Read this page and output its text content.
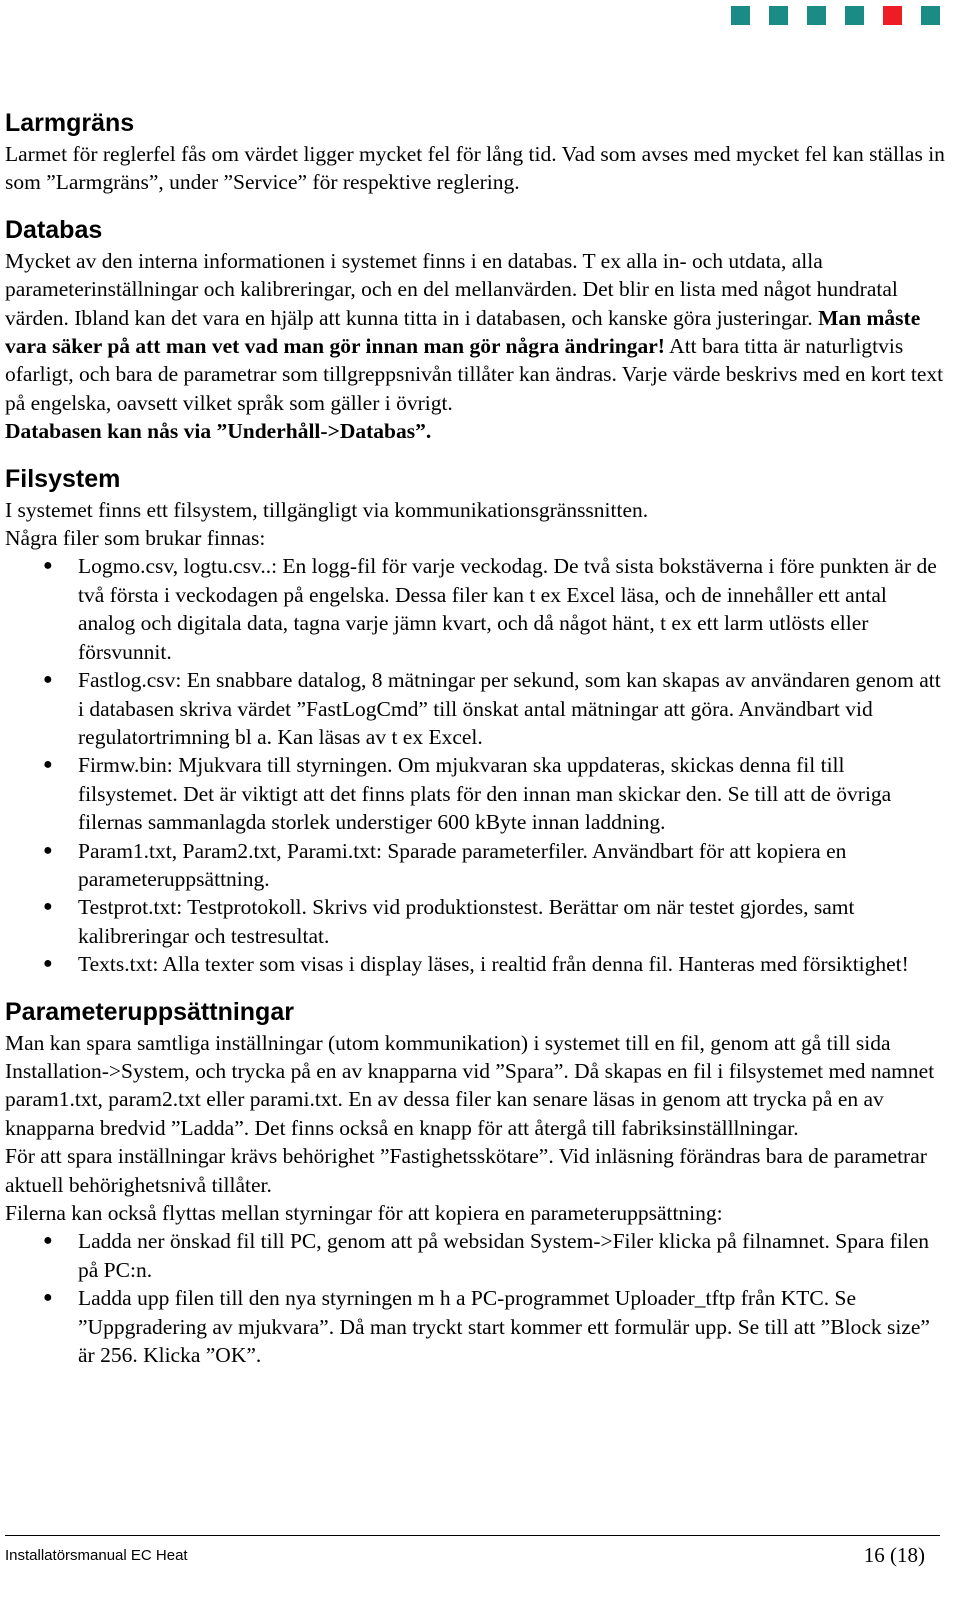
Larmgräns

Larmet för reglerfel fås om värdet ligger mycket fel för lång tid. Vad som avses med mycket fel kan ställas in som ”Larmgräns”, under ”Service” för respektive reglering.

Databas

Mycket av den interna informationen i systemet finns i en databas. T ex alla in- och utdata, alla parameterinställningar och kalibreringar, och en del mellanvärden. Det blir en lista med något hundratal värden. Ibland kan det vara en hjälp att kunna titta in i databasen, och kanske göra justeringar. Man måste vara säker på att man vet vad man gör innan man gör några ändringar! Att bara titta är naturligtvis ofarligt, och bara de parametrar som tillgreppsnivån tillåter kan ändras. Varje värde beskrivs med en kort text på engelska, oavsett vilket språk som gäller i övrigt.

Databasen kan nås via ”Underhåll->Databas”.

Filsystem

I systemet finns ett filsystem, tillgängligt via kommunikationsgränssnitten.

Några filer som brukar finnas:

● Logmo.csv, logtu.csv..: En logg-fil för varje veckodag. De två sista bokstäverna i före punkten är de två första i veckodagen på engelska. Dessa filer kan t ex Excel läsa, och de innehåller ett antal analog och digitala data, tagna varje jämn kvart, och då något hänt, t ex ett larm utlösts eller försvunnit.
● Fastlog.csv: En snabbare datalog, 8 mätningar per sekund, som kan skapas av användaren genom att i databasen skriva värdet ”FastLogCmd” till önskat antal mätningar att göra. Användbart vid regulatortrimning bl a. Kan läsas av t ex Excel.
● Firmw.bin: Mjukvara till styrningen. Om mjukvaran ska uppdateras, skickas denna fil till filsystemet. Det är viktigt att det finns plats för den innan man skickar den. Se till att de övriga filernas sammanlagda storlek understiger 600 kByte innan laddning.
● Param1.txt, Param2.txt, Parami.txt: Sparade parameterfiler. Användbart för att kopiera en parameteruppsättning.
● Testprot.txt: Testprotokoll. Skrivs vid produktionstest. Berättar om när testet gjordes, samt kalibreringar och testresultat.
● Texts.txt: Alla texter som visas i display läses, i realtid från denna fil. Hanteras med försiktighet!
Parameteruppsättningar

Man kan spara samtliga inställningar (utom kommunikation) i systemet till en fil, genom att gå till sida Installation->System, och trycka på en av knapparna vid ”Spara”. Då skapas en fil i filsystemet med namnet param1.txt, param2.txt eller parami.txt. En av dessa filer kan senare läsas in genom att trycka på en av knapparna bredvid ”Ladda”. Det finns också en knapp för att återgå till fabriksinställlningar.

För att spara inställningar krävs behörighet ”Fastighetsskötare”. Vid inläsning förändras bara de parametrar aktuell behörighetsnivå tillåter.

Filerna kan också flyttas mellan styrningar för att kopiera en parameteruppsättning:

● Ladda ner önskad fil till PC, genom att på websidan System->Filer klicka på filnamnet. Spara filen på PC:n.
● Ladda upp filen till den nya styrningen m h a PC-programmet Uploader_tftp från KTC. Se ”Uppgradering av mjukvara”. Då man tryckt start kommer ett formulär upp. Se till att ”Block size” är 256. Klicka ”OK”.
Installatörsmanual EC Heat	16 (18)
